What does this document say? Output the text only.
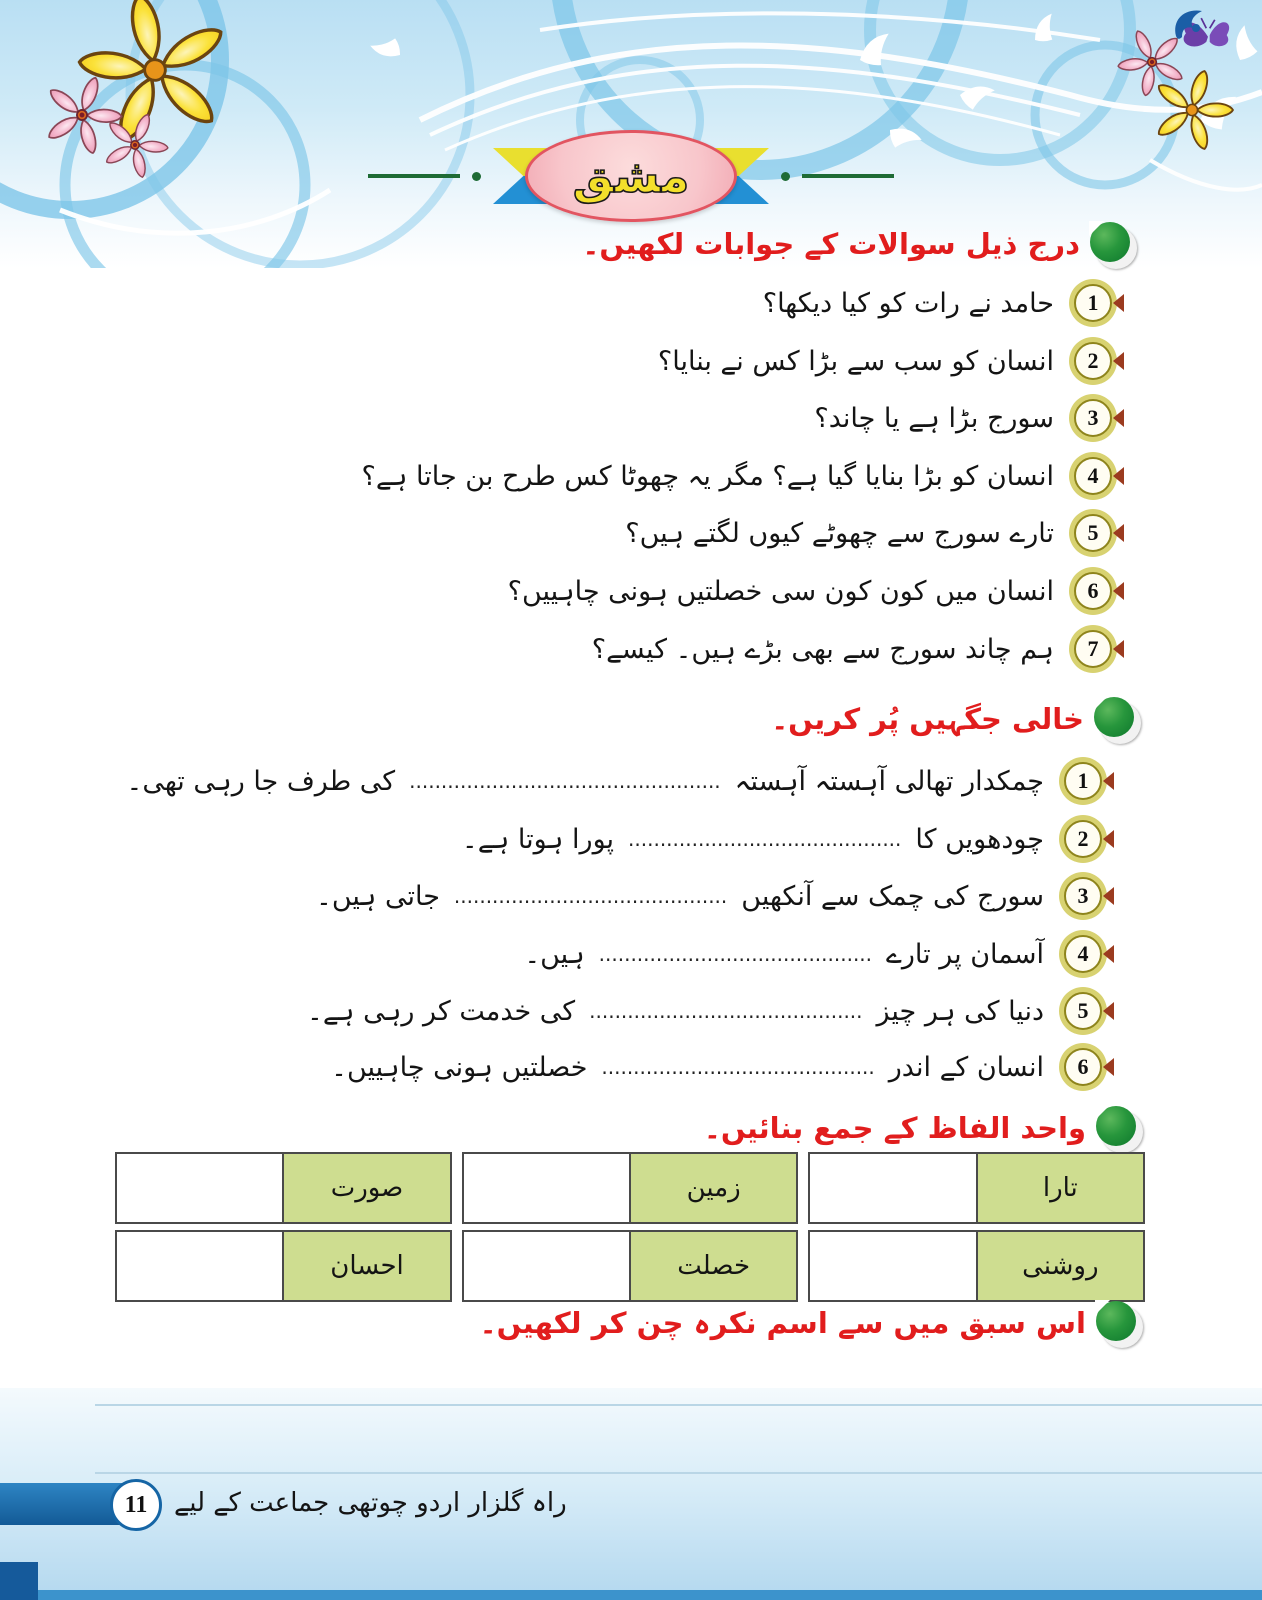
مشق
درج ذیل سوالات کے جوابات لکھیں۔
1
حامد نے رات کو کیا دیکھا؟
2
انسان کو سب سے بڑا کس نے بنایا؟
3
سورج بڑا ہے یا چاند؟
4
انسان کو بڑا بنایا گیا ہے؟ مگر یہ چھوٹا کس طرح بن جاتا ہے؟
5
تارے سورج سے چھوٹے کیوں لگتے ہیں؟
6
انسان میں کون کون سی خصلتیں ہونی چاہییں؟
7
ہم چاند سورج سے بھی بڑے ہیں۔ کیسے؟
خالی جگہیں پُر کریں۔
1
چمکدار تھالی آہستہ آہستہ
.................................................
کی طرف جا رہی تھی۔
2
چودھویں کا
...........................................
پورا ہوتا ہے۔
3
سورج کی چمک سے آنکھیں
...........................................
جاتی ہیں۔
4
آسمان پر تارے
...........................................
ہیں۔
5
دنیا کی ہر چیز
...........................................
کی خدمت کر رہی ہے۔
6
انسان کے اندر
...........................................
خصلتیں ہونی چاہییں۔
واحد الفاظ کے جمع بنائیں۔
تارا
زمین
صورت
روشنی
خصلت
احسان
اس سبق میں سے اسم نکرہ چن کر لکھیں۔
11 راہ گلزار اردو چوتھی جماعت کے لیے
